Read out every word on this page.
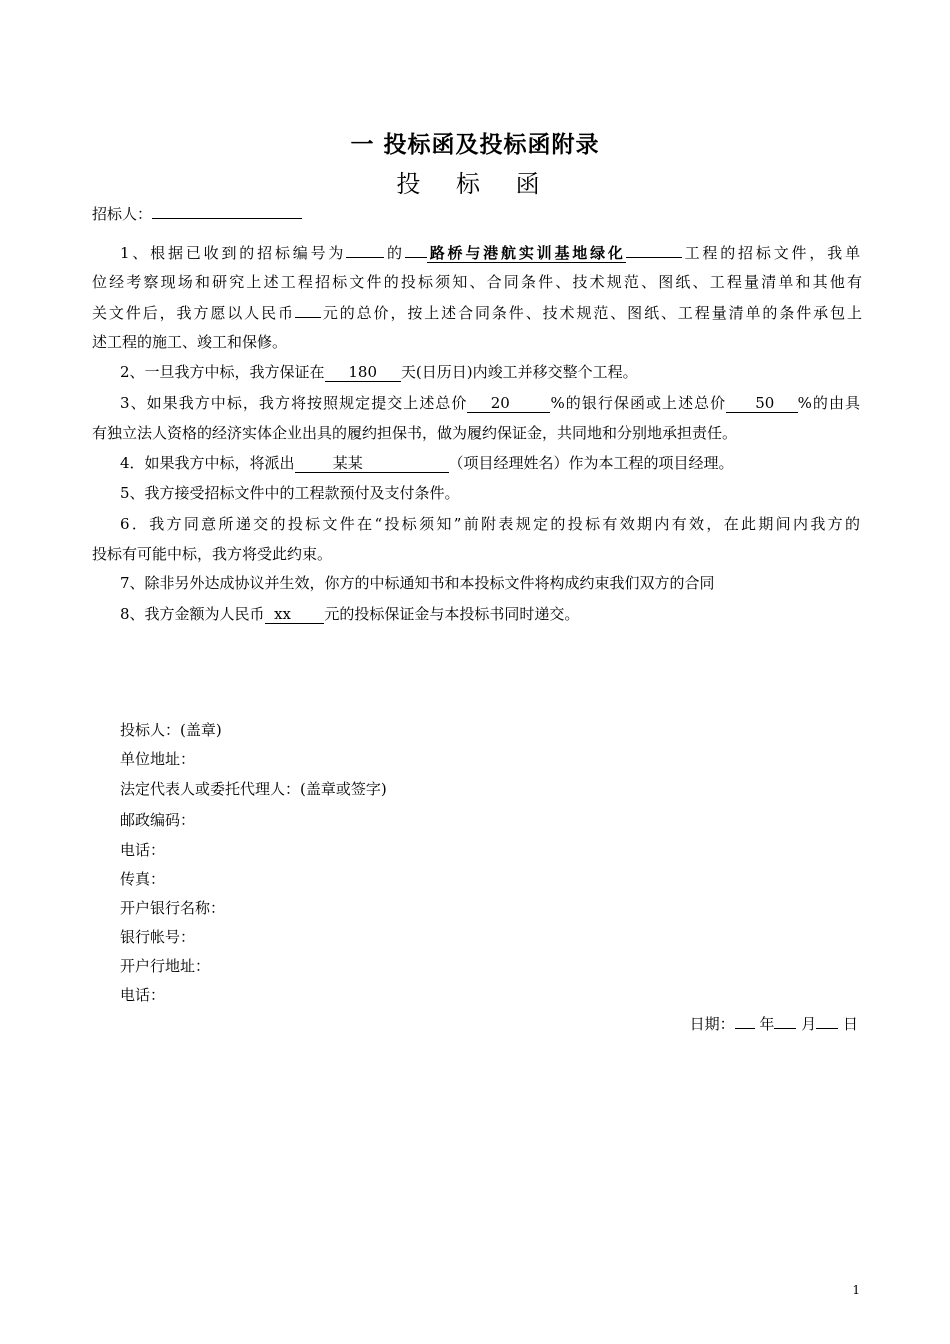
一 投标函及投标函附录
投 标 函
招标人：
1、根据已收到的招标编号为	的 路桥与港航实训基地绿化	工程的招标文件，我单
位经考察现场和研究上述工程招标文件的投标须知、合同条件、技术规范、图纸、工程量清单和其他有
关文件后，我方愿以人民币 元的总价，按上述合同条件、技术规范、图纸、工程量清单的条件承包上
述工程的施工、竣工和保修。
2、一旦我方中标，我方保证在 180 天(日历日)内竣工并移交整个工程。
3、如果我方中标，我方将按照规定提交上述总价 20	%的银行保函或上述总价 50 %的由具
有独立法人资格的经济实体企业出具的履约担保书，做为履约保证金，共同地和分别地承担责任。
4．如果我方中标，将派出	某某	（项目经理姓名）作为本工程的项目经理。
5、我方接受招标文件中的工程款预付及支付条件。
6．我方同意所递交的投标文件在“投标须知”前附表规定的投标有效期内有效，在此期间内我方的
投标有可能中标，我方将受此约束。
7、除非另外达成协议并生效，你方的中标通知书和本投标文件将构成约束我们双方的合同
8、我方金额为人民币 xx 元的投标保证金与本投标书同时递交。
投标人：(盖章)
单位地址：
法定代表人或委托代理人：(盖章或签字)
邮政编码：
电话：
传真：
开户银行名称：
银行帐号：
开户行地址：
电话：
日期： 年 月 日
1
